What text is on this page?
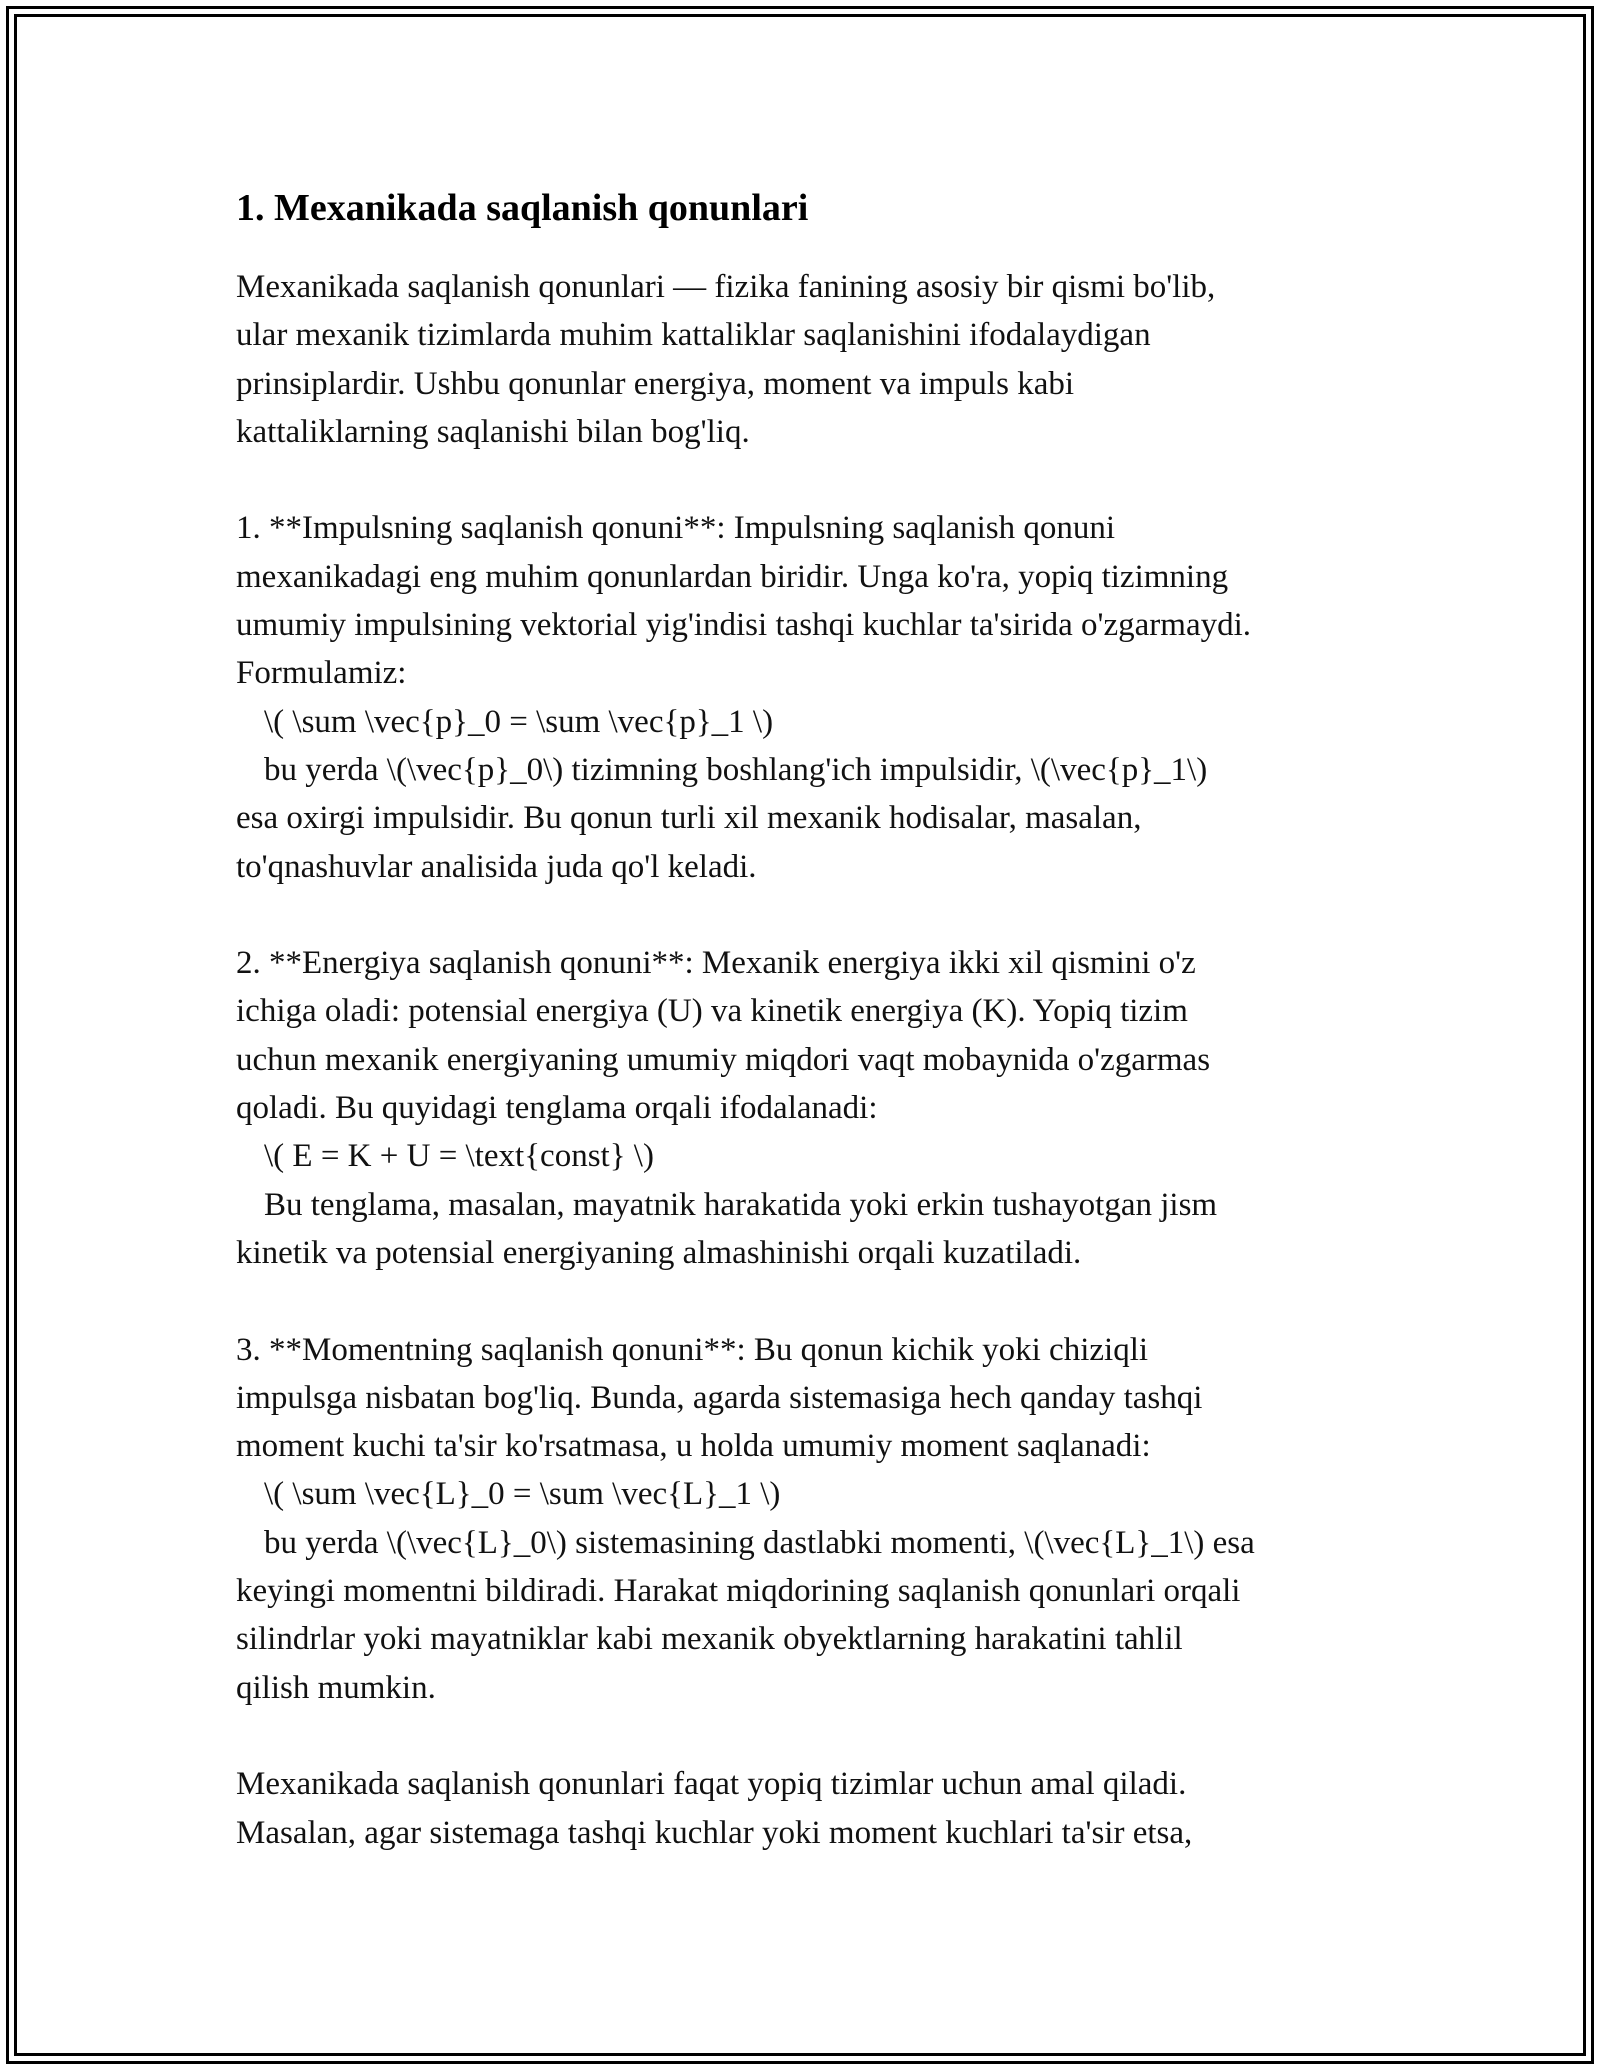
1. Mexanikada saqlanish qonunlari

Mexanikada saqlanish qonunlari — fizika fanining asosiy bir qismi bo'lib,

ular mexanik tizimlarda muhim kattaliklar saqlanishini ifodalaydigan

prinsiplardir. Ushbu qonunlar energiya, moment va impuls kabi

kattaliklarning saqlanishi bilan bog'liq.

1. **Impulsning saqlanish qonuni**: Impulsning saqlanish qonuni

mexanikadagi eng muhim qonunlardan biridir. Unga ko'ra, yopiq tizimning

umumiy impulsining vektorial yig'indisi tashqi kuchlar ta'sirida o'zgarmaydi.

Formulamiz:

\( \sum \vec{p}_0 = \sum \vec{p}_1 \)

bu yerda \(\vec{p}_0\) tizimning boshlang'ich impulsidir, \(\vec{p}_1\)

esa oxirgi impulsidir. Bu qonun turli xil mexanik hodisalar, masalan,

to'qnashuvlar analisida juda qo'l keladi.

2. **Energiya saqlanish qonuni**: Mexanik energiya ikki xil qismini o'z

ichiga oladi: potensial energiya (U) va kinetik energiya (K). Yopiq tizim

uchun mexanik energiyaning umumiy miqdori vaqt mobaynida o'zgarmas

qoladi. Bu quyidagi tenglama orqali ifodalanadi:

\( E = K + U = \text{const} \)

Bu tenglama, masalan, mayatnik harakatida yoki erkin tushayotgan jism

kinetik va potensial energiyaning almashinishi orqali kuzatiladi.

3. **Momentning saqlanish qonuni**: Bu qonun kichik yoki chiziqli

impulsga nisbatan bog'liq. Bunda, agarda sistemasiga hech qanday tashqi

moment kuchi ta'sir ko'rsatmasa, u holda umumiy moment saqlanadi:

\( \sum \vec{L}_0 = \sum \vec{L}_1 \)

bu yerda \(\vec{L}_0\) sistemasining dastlabki momenti, \(\vec{L}_1\) esa

keyingi momentni bildiradi. Harakat miqdorining saqlanish qonunlari orqali

silindrlar yoki mayatniklar kabi mexanik obyektlarning harakatini tahlil

qilish mumkin.

Mexanikada saqlanish qonunlari faqat yopiq tizimlar uchun amal qiladi.

Masalan, agar sistemaga tashqi kuchlar yoki moment kuchlari ta'sir etsa,
